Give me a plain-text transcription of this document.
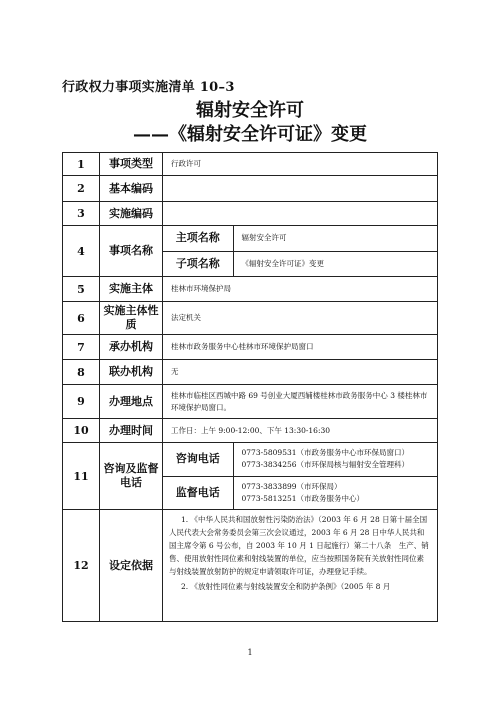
行政权力事项实施清单 10–3
辐射安全许可
——《辐射安全许可证》变更
1	事项类型	行政许可
2	基本编码	
3	实施编码	
4	事项名称	
主项名称	辐射安全许可
子项名称	《辐射安全许可证》变更

5	实施主体	桂林市环境保护局
6	实施主体性质	法定机关
7	承办机构	桂林市政务服务中心桂林市环境保护局窗口
8	联办机构	无
9	办理地点	桂林市临桂区西城中路 69 号创业大厦西辅楼桂林市政务服务中心 3 楼桂林市环境保护局窗口。
10	办理时间	工作日：上午 9:00-12:00、下午 13:30-16:30
11	咨询及监督电话	
咨询电话	0773-5809531（市政务服务中心市环保局窗口）
0773-3834256（市环保局核与辐射安全管理科）

监督电话	0773-3833899（市环保局）
0773-5813251（市政务服务中心）

12	设定依据	

1. 《中华人民共和国放射性污染防治法》（2003 年 6 月 28 日第十届全国人民代表大会常务委员会第三次会议通过，2003 年 6 月 28 日中华人民共和国主席令第 6 号公布，自 2003 年 10 月 1 日起施行）第二十八条　生产、销售、使用放射性同位素和射线装置的单位，应当按照国务院有关放射性同位素与射线装置放射防护的规定申请领取许可证，办理登记手续。

2. 《放射性同位素与射线装置安全和防护条例》（2005 年 8 月

1
